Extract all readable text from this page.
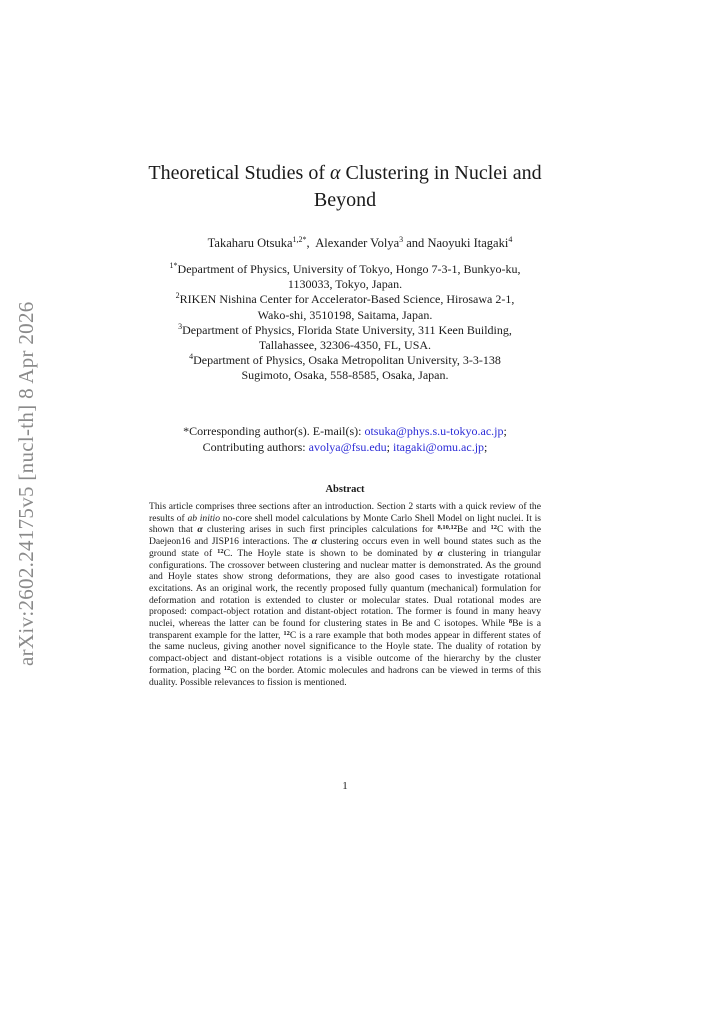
arXiv:2602.24175v5 [nucl-th] 8 Apr 2026
Theoretical Studies of α Clustering in Nuclei and
Beyond
Takaharu Otsuka$^{1,2*}$,  Alexander Volya$^3$ and Naoyuki Itagaki$^4$
$^{1*}$Department of Physics, University of Tokyo, Hongo 7-3-1, Bunkyo-ku,
1130033, Tokyo, Japan.
$^2$RIKEN Nishina Center for Accelerator-Based Science, Hirosawa 2-1,
Wako-shi, 3510198, Saitama, Japan.
$^3$Department of Physics, Florida State University, 311 Keen Building,
Tallahassee, 32306-4350, FL, USA.
$^4$Department of Physics, Osaka Metropolitan University, 3-3-138
Sugimoto, Osaka, 558-8585, Osaka, Japan.
*Corresponding author(s). E-mail(s): otsuka@phys.s.u-tokyo.ac.jp;
Contributing authors: avolya@fsu.edu; itagaki@omu.ac.jp;
Abstract
This article comprises three sections after an introduction. Section 2 starts with a quick review of the results of ab initio no-core shell model calculations by Monte Carlo Shell Model on light nuclei. It is shown that α clustering arises in such first principles calculations for $^{8,10,12}$Be and $^{12}$C with the Daejeon16 and JISP16 interactions. The α clustering occurs even in well bound states such as the ground state of $^{12}$C. The Hoyle state is shown to be dominated by α clustering in triangular configurations. The crossover between clustering and nuclear matter is demonstrated. As the ground and Hoyle states show strong deformations, they are also good cases to investigate rotational excitations. As an original work, the recently proposed fully quantum (mechanical) formulation for deformation and rotation is extended to cluster or molecular states. Dual rotational modes are proposed: compact-object rotation and distant-object rotation. The former is found in many heavy nuclei, whereas the latter can be found for clustering states in Be and C isotopes. While $^8$Be is a transparent example for the latter, $^{12}$C is a rare example that both modes appear in different states of the same nucleus, giving another novel significance to the Hoyle state. The duality of rotation by compact-object and distant-object rotations is a visible outcome of the hierarchy by the cluster formation, placing $^{12}$C on the border. Atomic molecules and hadrons can be viewed in terms of this duality. Possible relevances to fission is mentioned.
1
